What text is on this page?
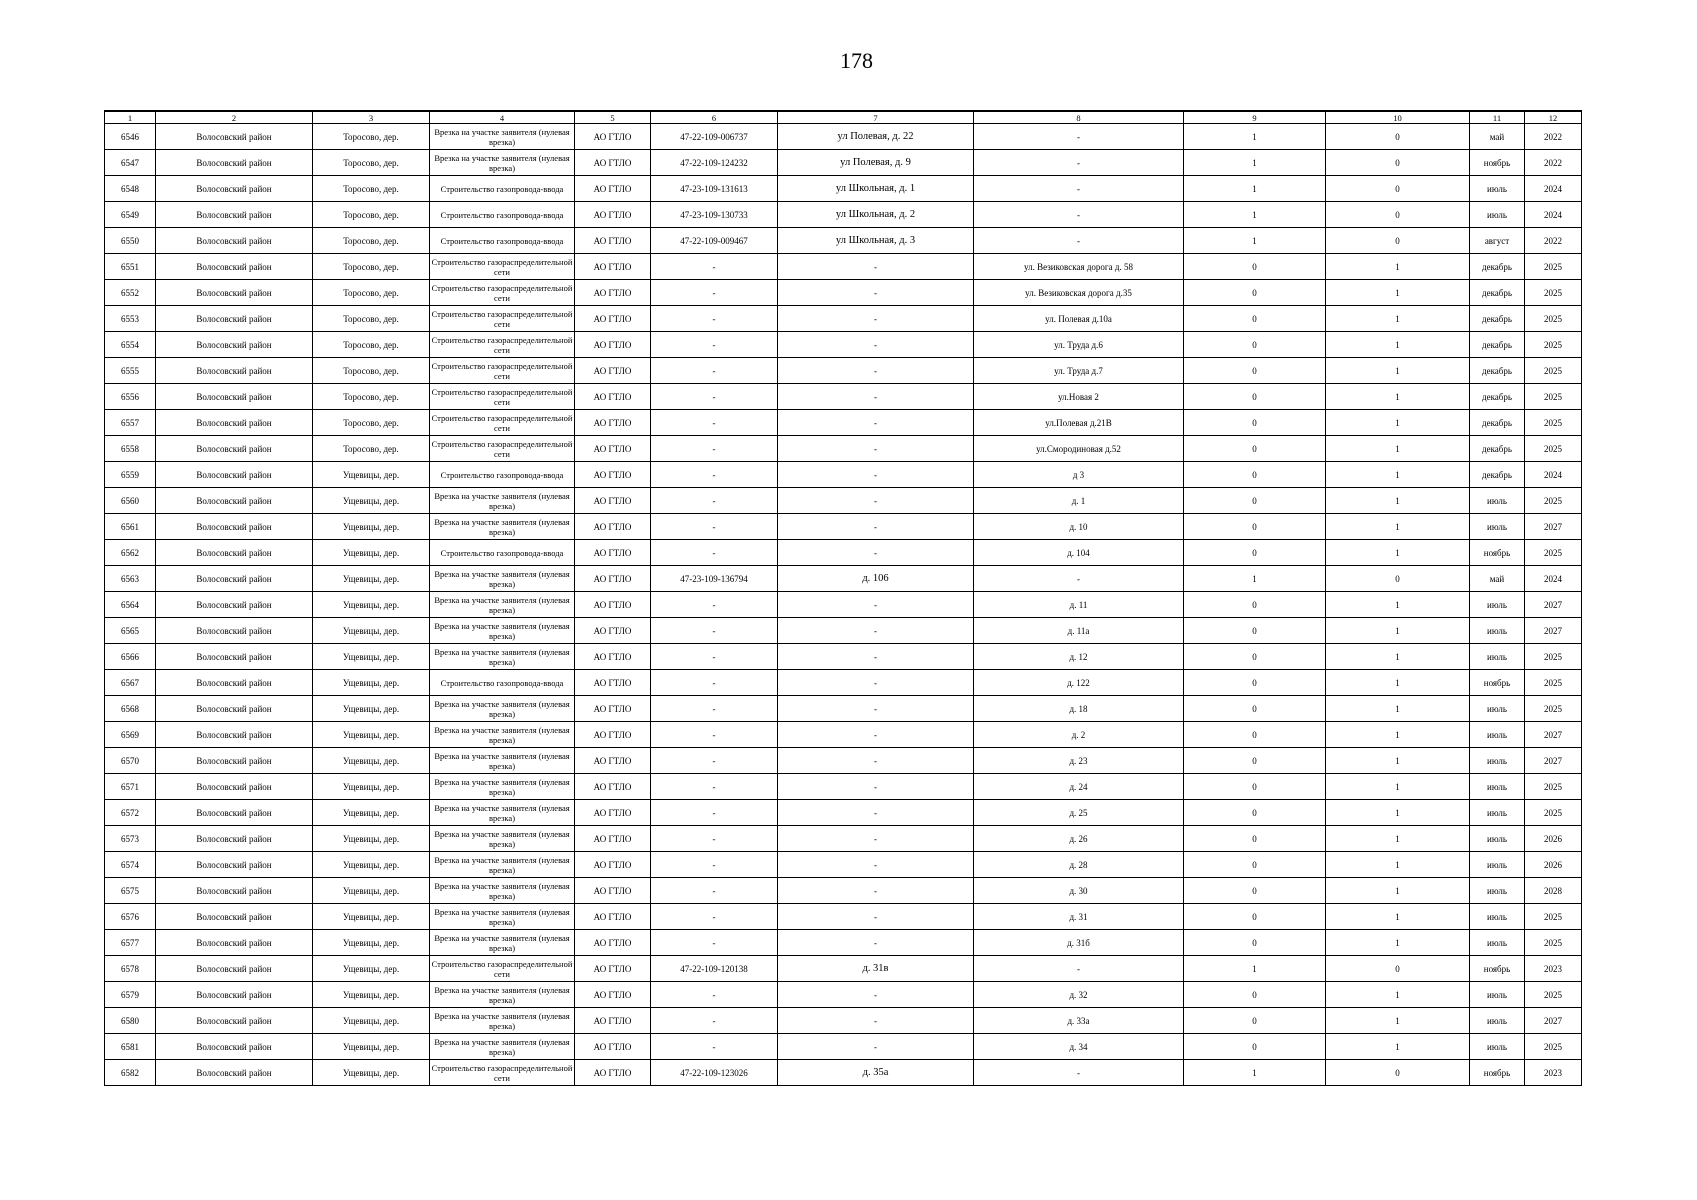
178
1	2	3	4	5	6	7	8	9	10	11	12
6546	Волосовский район	Торосово, дер.	Врезка на участке заявителя (нулевая врезка)	АО ГТЛО	47-22-109-006737	ул Полевая, д. 22	-	1	0	май	2022
6547	Волосовский район	Торосово, дер.	Врезка на участке заявителя (нулевая врезка)	АО ГТЛО	47-22-109-124232	ул Полевая, д. 9	-	1	0	ноябрь	2022
6548	Волосовский район	Торосово, дер.	Строительство газопровода-ввода	АО ГТЛО	47-23-109-131613	ул Школьная, д. 1	-	1	0	июль	2024
6549	Волосовский район	Торосово, дер.	Строительство газопровода-ввода	АО ГТЛО	47-23-109-130733	ул Школьная, д. 2	-	1	0	июль	2024
6550	Волосовский район	Торосово, дер.	Строительство газопровода-ввода	АО ГТЛО	47-22-109-009467	ул Школьная, д. 3	-	1	0	август	2022
6551	Волосовский район	Торосово, дер.	Строительство газораспределительной сети	АО ГТЛО	-	-	ул. Везиковская дорога д. 58	0	1	декабрь	2025
6552	Волосовский район	Торосово, дер.	Строительство газораспределительной сети	АО ГТЛО	-	-	ул. Везиковская дорога д.35	0	1	декабрь	2025
6553	Волосовский район	Торосово, дер.	Строительство газораспределительной сети	АО ГТЛО	-	-	ул. Полевая д.10а	0	1	декабрь	2025
6554	Волосовский район	Торосово, дер.	Строительство газораспределительной сети	АО ГТЛО	-	-	ул. Труда д.6	0	1	декабрь	2025
6555	Волосовский район	Торосово, дер.	Строительство газораспределительной сети	АО ГТЛО	-	-	ул. Труда д.7	0	1	декабрь	2025
6556	Волосовский район	Торосово, дер.	Строительство газораспределительной сети	АО ГТЛО	-	-	ул.Новая 2	0	1	декабрь	2025
6557	Волосовский район	Торосово, дер.	Строительство газораспределительной сети	АО ГТЛО	-	-	ул.Полевая д.21В	0	1	декабрь	2025
6558	Волосовский район	Торосово, дер.	Строительство газораспределительной сети	АО ГТЛО	-	-	ул.Смородиновая д.52	0	1	декабрь	2025
6559	Волосовский район	Ущевицы, дер.	Строительство газопровода-ввода	АО ГТЛО	-	-	д 3	0	1	декабрь	2024
6560	Волосовский район	Ущевицы, дер.	Врезка на участке заявителя (нулевая врезка)	АО ГТЛО	-	-	д. 1	0	1	июль	2025
6561	Волосовский район	Ущевицы, дер.	Врезка на участке заявителя (нулевая врезка)	АО ГТЛО	-	-	д. 10	0	1	июль	2027
6562	Волосовский район	Ущевицы, дер.	Строительство газопровода-ввода	АО ГТЛО	-	-	д. 104	0	1	ноябрь	2025
6563	Волосовский район	Ущевицы, дер.	Врезка на участке заявителя (нулевая врезка)	АО ГТЛО	47-23-109-136794	д. 106	-	1	0	май	2024
6564	Волосовский район	Ущевицы, дер.	Врезка на участке заявителя (нулевая врезка)	АО ГТЛО	-	-	д. 11	0	1	июль	2027
6565	Волосовский район	Ущевицы, дер.	Врезка на участке заявителя (нулевая врезка)	АО ГТЛО	-	-	д. 11а	0	1	июль	2027
6566	Волосовский район	Ущевицы, дер.	Врезка на участке заявителя (нулевая врезка)	АО ГТЛО	-	-	д. 12	0	1	июль	2025
6567	Волосовский район	Ущевицы, дер.	Строительство газопровода-ввода	АО ГТЛО	-	-	д. 122	0	1	ноябрь	2025
6568	Волосовский район	Ущевицы, дер.	Врезка на участке заявителя (нулевая врезка)	АО ГТЛО	-	-	д. 18	0	1	июль	2025
6569	Волосовский район	Ущевицы, дер.	Врезка на участке заявителя (нулевая врезка)	АО ГТЛО	-	-	д. 2	0	1	июль	2027
6570	Волосовский район	Ущевицы, дер.	Врезка на участке заявителя (нулевая врезка)	АО ГТЛО	-	-	д. 23	0	1	июль	2027
6571	Волосовский район	Ущевицы, дер.	Врезка на участке заявителя (нулевая врезка)	АО ГТЛО	-	-	д. 24	0	1	июль	2025
6572	Волосовский район	Ущевицы, дер.	Врезка на участке заявителя (нулевая врезка)	АО ГТЛО	-	-	д. 25	0	1	июль	2025
6573	Волосовский район	Ущевицы, дер.	Врезка на участке заявителя (нулевая врезка)	АО ГТЛО	-	-	д. 26	0	1	июль	2026
6574	Волосовский район	Ущевицы, дер.	Врезка на участке заявителя (нулевая врезка)	АО ГТЛО	-	-	д. 28	0	1	июль	2026
6575	Волосовский район	Ущевицы, дер.	Врезка на участке заявителя (нулевая врезка)	АО ГТЛО	-	-	д. 30	0	1	июль	2028
6576	Волосовский район	Ущевицы, дер.	Врезка на участке заявителя (нулевая врезка)	АО ГТЛО	-	-	д. 31	0	1	июль	2025
6577	Волосовский район	Ущевицы, дер.	Врезка на участке заявителя (нулевая врезка)	АО ГТЛО	-	-	д. 31б	0	1	июль	2025
6578	Волосовский район	Ущевицы, дер.	Строительство газораспределительной сети	АО ГТЛО	47-22-109-120138	д. 31в	-	1	0	ноябрь	2023
6579	Волосовский район	Ущевицы, дер.	Врезка на участке заявителя (нулевая врезка)	АО ГТЛО	-	-	д. 32	0	1	июль	2025
6580	Волосовский район	Ущевицы, дер.	Врезка на участке заявителя (нулевая врезка)	АО ГТЛО	-	-	д. 33а	0	1	июль	2027
6581	Волосовский район	Ущевицы, дер.	Врезка на участке заявителя (нулевая врезка)	АО ГТЛО	-	-	д. 34	0	1	июль	2025
6582	Волосовский район	Ущевицы, дер.	Строительство газораспределительной сети	АО ГТЛО	47-22-109-123026	д. 35а	-	1	0	ноябрь	2023
